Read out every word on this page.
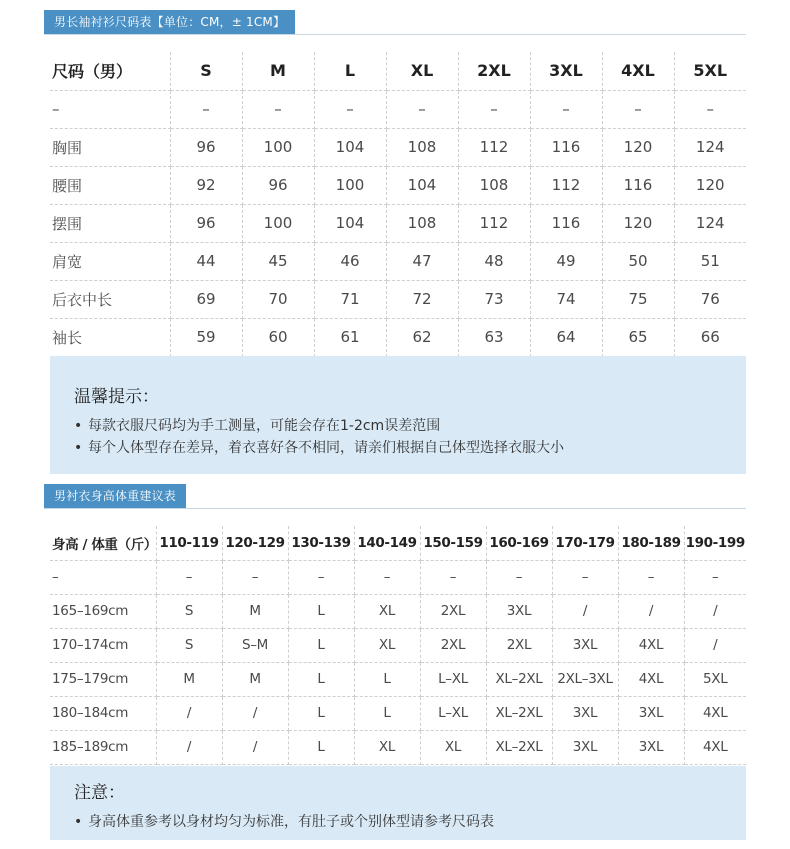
男长袖衬衫尺码表【单位：CM，± 1CM】
尺码（男）	S	M	L	XL	2XL	3XL	4XL	5XL
–	–	–	–	–	–	–	–	–
胸围	96	100	104	108	112	116	120	124
腰围	92	96	100	104	108	112	116	120
摆围	96	100	104	108	112	116	120	124
肩宽	44	45	46	47	48	49	50	51
后衣中长	69	70	71	72	73	74	75	76
袖长	59	60	61	62	63	64	65	66
温馨提示：
• 每款衣服尺码均为手工测量，可能会存在1-2cm误差范围
• 每个人体型存在差异，着衣喜好各不相同，请亲们根据自己体型选择衣服大小
男衬衣身高体重建议表
身高 / 体重（斤）	110-119	120-129	130-139	140-149	150-159	160-169	170-179	180-189	190-199
–	–	–	–	–	–	–	–	–	–
165–169cm	S	M	L	XL	2XL	3XL	/	/	/
170–174cm	S	S–M	L	XL	2XL	2XL	3XL	4XL	/
175–179cm	M	M	L	L	L–XL	XL–2XL	2XL–3XL	4XL	5XL
180–184cm	/	/	L	L	L–XL	XL–2XL	3XL	3XL	4XL
185–189cm	/	/	L	XL	XL	XL–2XL	3XL	3XL	4XL
注意：
• 身高体重参考以身材均匀为标准，有肚子或个别体型请参考尺码表
